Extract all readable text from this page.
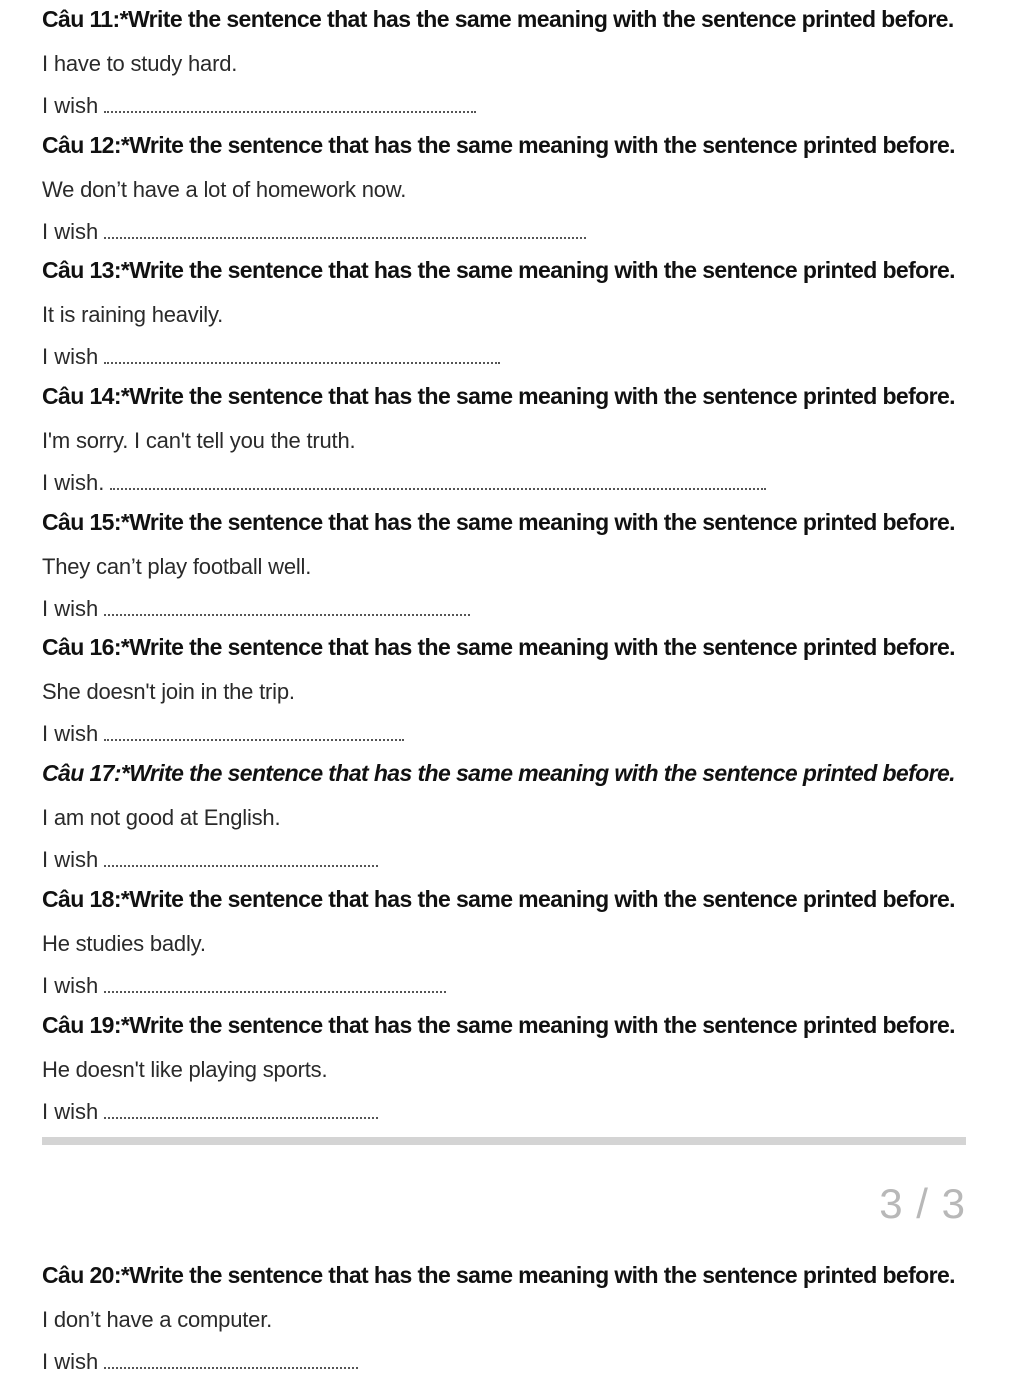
Câu 11:*Write the sentence that has the same meaning with the sentence printed before.
I have to study hard.
I wish
Câu 12:*Write the sentence that has the same meaning with the sentence printed before.
We don’t have a lot of homework now.
I wish
Câu 13:*Write the sentence that has the same meaning with the sentence printed before.
It is raining heavily.
I wish
Câu 14:*Write the sentence that has the same meaning with the sentence printed before.
I'm sorry. I can't tell you the truth.
I wish.
Câu 15:*Write the sentence that has the same meaning with the sentence printed before.
They can’t play football well.
I wish
Câu 16:*Write the sentence that has the same meaning with the sentence printed before.
She doesn't join in the trip.
I wish
Câu 17:*Write the sentence that has the same meaning with the sentence printed before.
I am not good at English.
I wish
Câu 18:*Write the sentence that has the same meaning with the sentence printed before.
He studies badly.
I wish
Câu 19:*Write the sentence that has the same meaning with the sentence printed before.
He doesn't like playing sports.
I wish
3 / 3
Câu 20:*Write the sentence that has the same meaning with the sentence printed before.
I don’t have a computer.
I wish
